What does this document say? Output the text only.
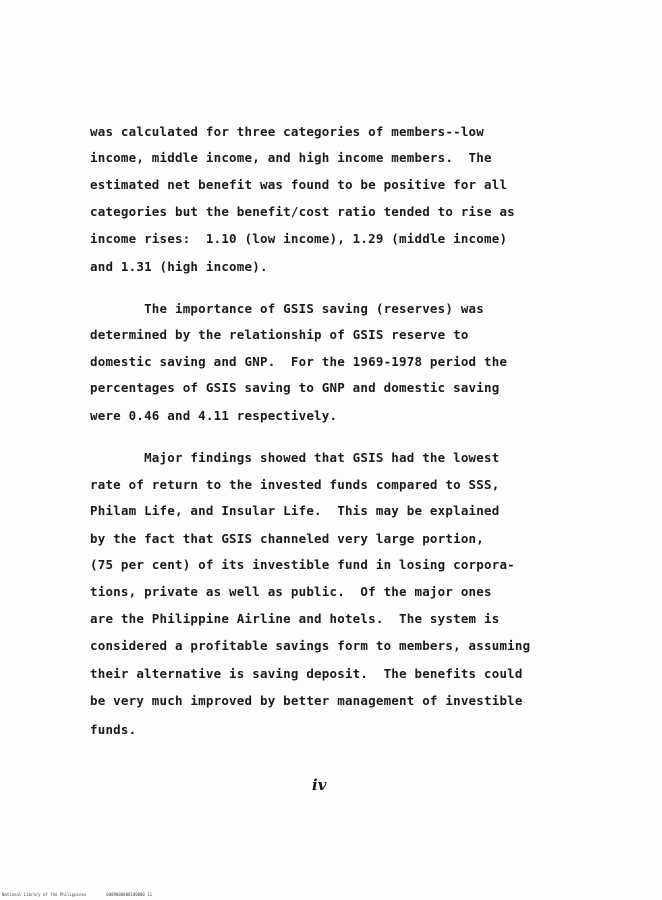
was calculated for three categories of members--low
income, middle income, and high income members.  The
estimated net benefit was found to be positive for all
categories but the benefit/cost ratio tended to rise as
income rises:  1.10 (low income), 1.29 (middle income)
and 1.31 (high income).
The importance of GSIS saving (reserves) was
determined by the relationship of GSIS reserve to
domestic saving and GNP.  For the 1969-1978 period the
percentages of GSIS saving to GNP and domestic saving
were 0.46 and 4.11 respectively.
Major findings showed that GSIS had the lowest
rate of return to the invested funds compared to SSS,
Philam Life, and Insular Life.  This may be explained
by the fact that GSIS channeled very large portion,
(75 per cent) of its investible fund in losing corpora-
tions, private as well as public.  Of the major ones
are the Philippine Airline and hotels.  The system is
considered a profitable savings form to members, assuming
their alternative is saving deposit.  The benefits could
be very much improved by better management of investible
funds.
iv
National Library of the Philippines	0U09000000100000 11
